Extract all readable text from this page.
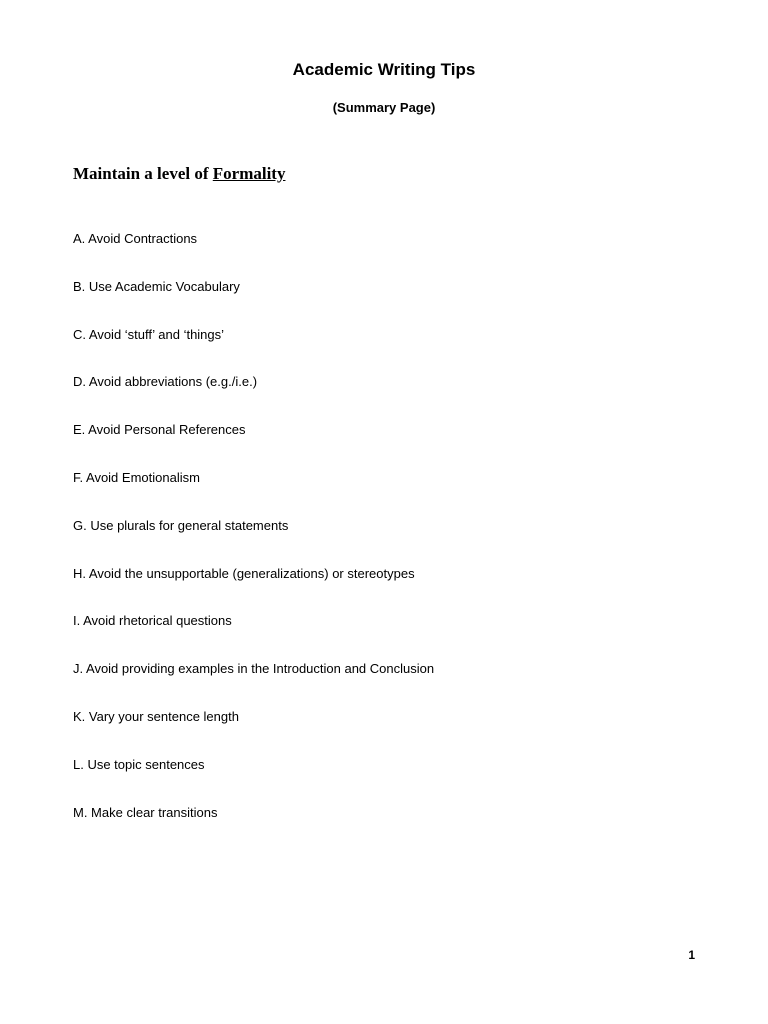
Academic Writing Tips
(Summary Page)
Maintain a level of Formality
A. Avoid Contractions
B. Use Academic Vocabulary
C. Avoid ‘stuff’ and ‘things’
D. Avoid abbreviations (e.g./i.e.)
E. Avoid Personal References
F. Avoid Emotionalism
G. Use plurals for general statements
H. Avoid the unsupportable (generalizations) or stereotypes
I. Avoid rhetorical questions
J. Avoid providing examples in the Introduction and Conclusion
K. Vary your sentence length
L. Use topic sentences
M. Make clear transitions
1
